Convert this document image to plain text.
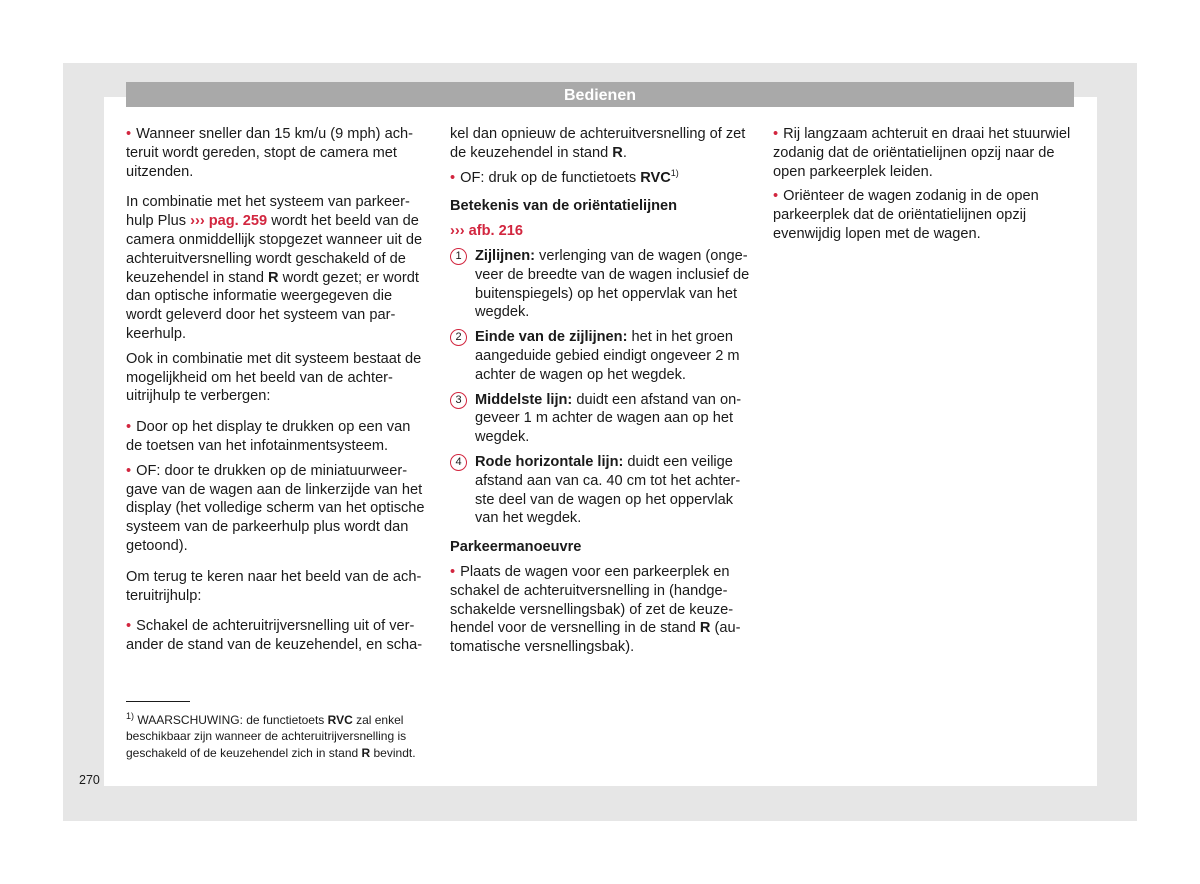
Bedienen

• Wanneer sneller dan 15 km/u (9 mph) achteruit wordt gereden, stopt de camera met uitzenden.

In combinatie met het systeem van parkeerhulp Plus ››› pag. 259 wordt het beeld van de camera onmiddellijk stopgezet wanneer uit de achteruitversnelling wordt geschakeld of de keuzehendel in stand R wordt gezet; er wordt dan optische informatie weergegeven die wordt geleverd door het systeem van parkeerhulp.

Ook in combinatie met dit systeem bestaat de mogelijkheid om het beeld van de achteruitrijhulp te verbergen:

• Door op het display te drukken op een van de toetsen van het infotainmentsysteem.

• OF: door te drukken op de miniatuurweergave van de wagen aan de linkerzijde van het display (het volledige scherm van het optische systeem van de parkeerhulp plus wordt dan getoond).

Om terug te keren naar het beeld van de achteruitrijhulp:

• Schakel de achteruitrijversnelling uit of verander de stand van de keuzehendel, en scha-

kel dan opnieuw de achteruitversnelling of zet de keuzehendel in stand R.

• OF: druk op de functietoets RVC$^{1)}$

Betekenis van de oriëntatielijnen

››› afb. 216

1 Zijlijnen: verlenging van de wagen (ongeveer de breedte van de wagen inclusief de buitenspiegels) op het oppervlak van het wegdek.
2 Einde van de zijlijnen: het in het groen aangeduide gebied eindigt ongeveer 2 m achter de wagen op het wegdek.
3 Middelste lijn: duidt een afstand van ongeveer 1 m achter de wagen aan op het wegdek.
4 Rode horizontale lijn: duidt een veilige afstand aan van ca. 40 cm tot het achterste deel van de wagen op het oppervlak van het wegdek.

Parkeermanoeuvre

• Plaats de wagen voor een parkeerplek en schakel de achteruitversnelling in (handgeschakelde versnellingsbak) of zet de keuzehendel voor de versnelling in de stand R (automatische versnellingsbak).

• Rij langzaam achteruit en draai het stuurwiel zodanig dat de oriëntatielijnen opzij naar de open parkeerplek leiden.

• Oriënteer de wagen zodanig in de open parkeerplek dat de oriëntatielijnen opzij evenwijdig lopen met de wagen.

$^{1)}$ WAARSCHUWING: de functietoets RVC zal enkel beschikbaar zijn wanneer de achteruitrijversnelling is geschakeld of de keuzehendel zich in stand R bevindt.
270
